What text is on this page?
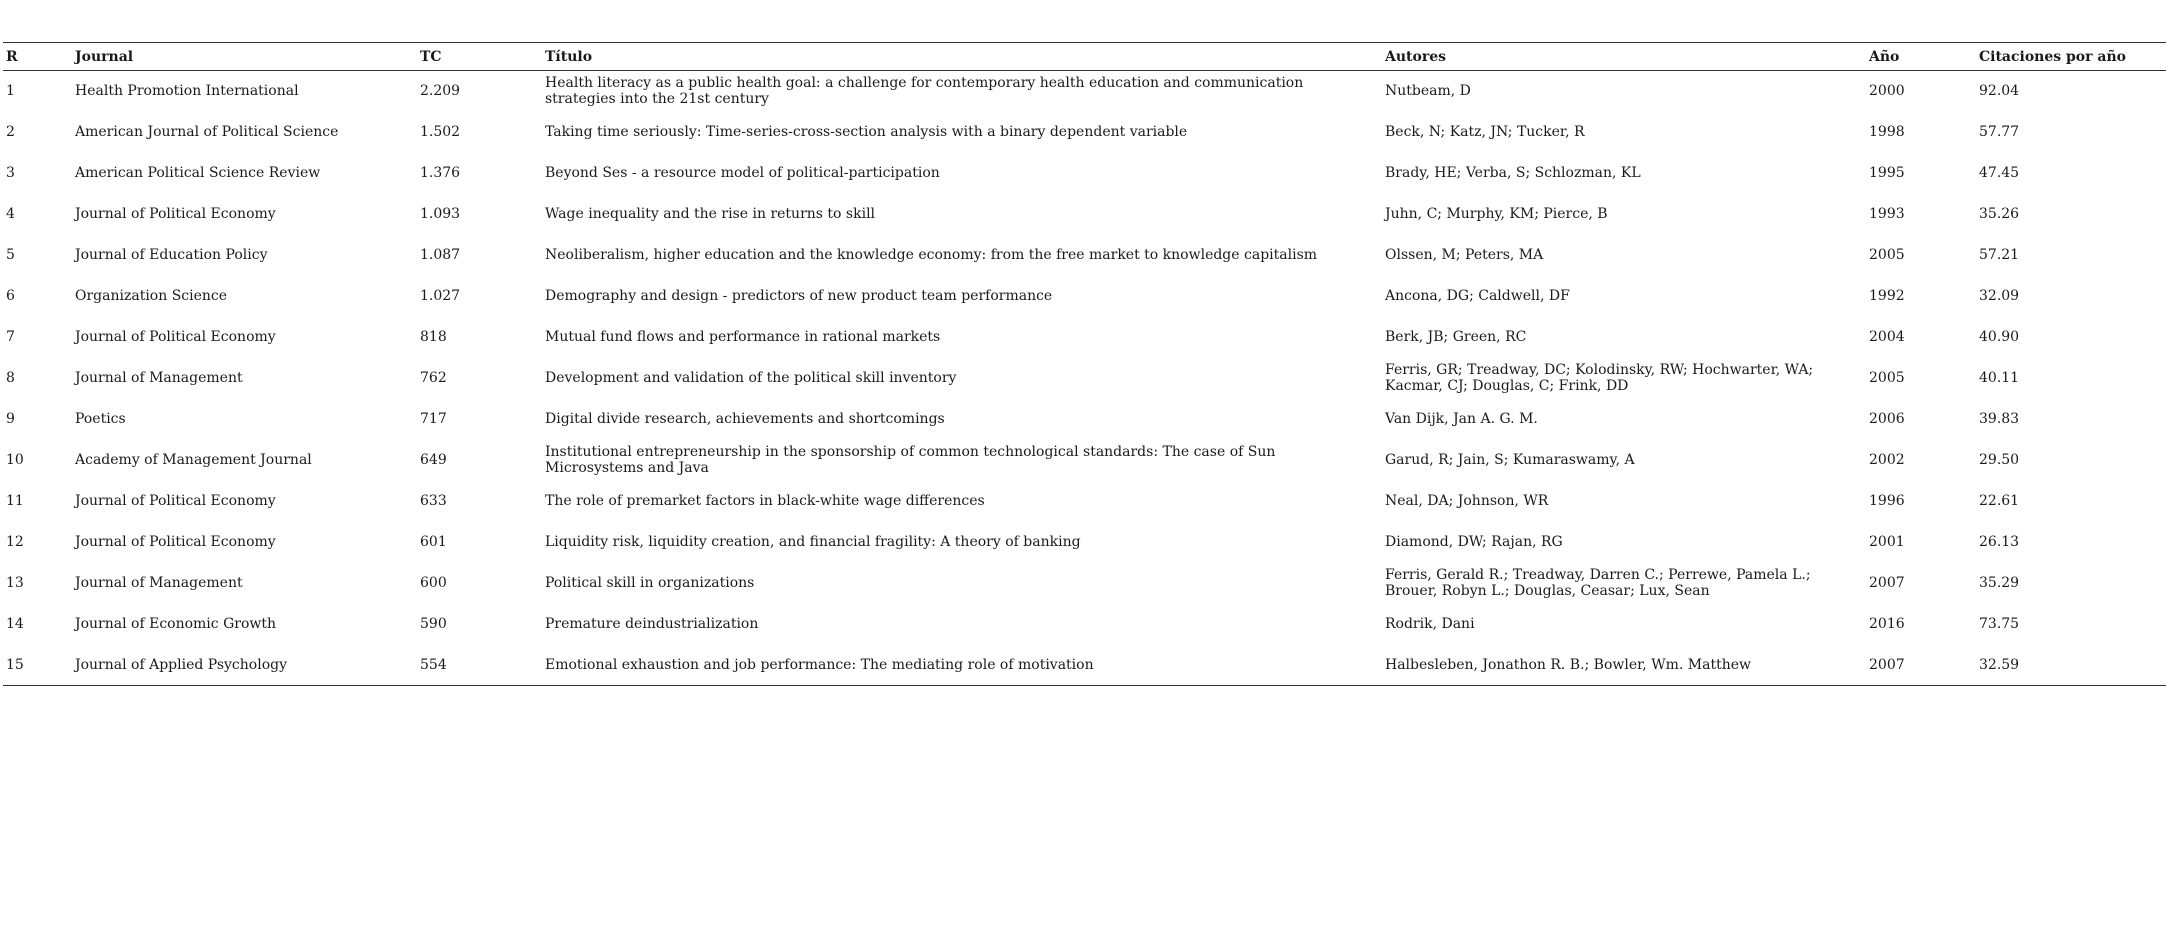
R	Journal	TC	Título	Autores	Año	Citaciones por año
1	Health Promotion International	2.209	Health literacy as a public health goal: a challenge for contemporary health education and communication strategies into the 21st century	Nutbeam, D	2000	92.04
2	American Journal of Political Science	1.502	Taking time seriously: Time-series-cross-section analysis with a binary dependent variable	Beck, N; Katz, JN; Tucker, R	1998	57.77
3	American Political Science Review	1.376	Beyond Ses - a resource model of political-participation	Brady, HE; Verba, S; Schlozman, KL	1995	47.45
4	Journal of Political Economy	1.093	Wage inequality and the rise in returns to skill	Juhn, C; Murphy, KM; Pierce, B	1993	35.26
5	Journal of Education Policy	1.087	Neoliberalism, higher education and the knowledge economy: from the free market to knowledge capitalism	Olssen, M; Peters, MA	2005	57.21
6	Organization Science	1.027	Demography and design - predictors of new product team performance	Ancona, DG; Caldwell, DF	1992	32.09
7	Journal of Political Economy	818	Mutual fund flows and performance in rational markets	Berk, JB; Green, RC	2004	40.90
8	Journal of Management	762	Development and validation of the political skill inventory	Ferris, GR; Treadway, DC; Kolodinsky, RW; Hochwarter, WA; Kacmar, CJ; Douglas, C; Frink, DD	2005	40.11
9	Poetics	717	Digital divide research, achievements and shortcomings	Van Dijk, Jan A. G. M.	2006	39.83
10	Academy of Management Journal	649	Institutional entrepreneurship in the sponsorship of common technological standards: The case of Sun Microsystems and Java	Garud, R; Jain, S; Kumaraswamy, A	2002	29.50
11	Journal of Political Economy	633	The role of premarket factors in black-white wage differences	Neal, DA; Johnson, WR	1996	22.61
12	Journal of Political Economy	601	Liquidity risk, liquidity creation, and financial fragility: A theory of banking	Diamond, DW; Rajan, RG	2001	26.13
13	Journal of Management	600	Political skill in organizations	Ferris, Gerald R.; Treadway, Darren C.; Perrewe, Pamela L.; Brouer, Robyn L.; Douglas, Ceasar; Lux, Sean	2007	35.29
14	Journal of Economic Growth	590	Premature deindustrialization	Rodrik, Dani	2016	73.75
15	Journal of Applied Psychology	554	Emotional exhaustion and job performance: The mediating role of motivation	Halbesleben, Jonathon R. B.; Bowler, Wm. Matthew	2007	32.59
